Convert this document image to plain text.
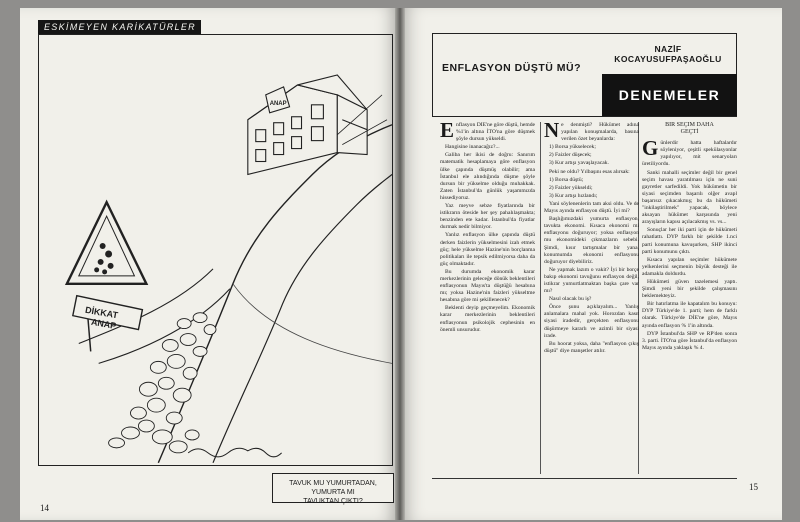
ESKİMEYEN KARİKATÜRLER
DİKKAT
ANAP
ANAP
TAVUK MU YUMURTADAN,
YUMURTA MI
TAVUKTAN ÇIKTI?
14
ENFLASYON DÜŞTÜ MÜ?
NAZİF KOCAYUSUFPAŞAOĞLU
DENEMELER

Enflasyon DİE'ne göre düştü, hemde %1'in altına İTO'na göre düşmek şöyle dursun yükseldi.

Hangisine inanacağız?...

Galiba her ikisi de doğru: Sanırım matematik hesaplamaya göre enflasyon ülke çapında düşmüş olabilir; ama İstanbul ele alındığında düşme şöyle dursun bir yükselme olduğu muhakkak. Zaten İstanbul'da günlük yaşammızda hissediyoruz.

Yaz meyve sebze fiyatlarında bir istikrarın öteside her şey pahalılaşmakta; benzinden ete kadar. İstanbul'da fiyatlar durmak nedir bilmiyor.

Yanlız enflasyon ülke çapında düştü derken faizlerin yükselmesini izah etmek güç; hele yükselme Hazine'nin borçlanma politikaları ile tepsik edilmiyorsa daha da güç olmaktadır.

Bu durumda ekonomik karar merkezlerinin geleceğe dönük beklentileri enflasyonun Mayıs'ta düştüğü hesabına mı; yoksa Hazine'nin faizleri yükseltme hesabına göre mi şekillenecek?

Beklenti deyip geçmeyelim. Ekonomik karar merkezlerinin beklentileri enflasyonun psikolojik cephesinin en önemli unsurudur.

Ne denmişti? Hükümet adına yapılan konuşmalarda, basına verilen özet beyanlarda:

1) Borsa yükselecek;

2) Faizler düşecek;

3) Kur artışı yavaşlayacak.

Peki ne oldu? Yılbaşını esas alırsak:

1) Borsa düştü;

2) Faizler yükseldi;

3) Kur artışı hızlandı;

Yani söylenenlerin tam aksi oldu. Ve de Mayıs ayında enflasyon düştü. İyi mi?

Başlığımızdaki yumurta enflasyon, tavukta ekonomi. Kısaca ekonomi mi enflasyonu doğuruyor; yoksa enflasyon mu ekonomideki çıkmazların sebebi. Şimdi, kısır tartışmalar bir yana, konumumda ekonomi enflasyonu doğuruyor diyebiliriz.

Ne yapmak lazım o vakit? İyi bir borçe bakıp ekonomi tavuğunu enflasyon değil, istikrar yumurtlatmaktan başka çare var mı?

Nasıl olacak bu iş?

Önce şunu açıklayalım... Yanlış anlamalara mahal yok. Horozdan kasıt siyasi iradedir, gerçekten enflasyonu düşürmeye kararlı ve azimli bir siyasi irade.

Bu hoorat yoksa, daha "enflasyon çıkış düştü" diye manşetler atılır.

BİR SEÇİM DAHA
GEÇTİ

Günlerdir hatta haftalardır söyleniyor, çeşitli spekülasyonlar yapılıyor, mit senaryoları üretiliyordu.

Sanki mahalli seçimler değil bir genel seçim havası yaratılması için ne suni gayretler sarfedildi. Yok hükümetin bir siyasi seçimden başarılı olğer avapl başarısız çıkacakmış; bu da hükümeti "inkilaştirilmek" yapacak, böylece aksayan hükümet karşısında yeni arayışların kapısı açılacakmış vs. vs...

Sonuçlar her iki parti için de hükümeti rahatlattı. DYP farklı bir şekilde 1.nci parti konumuna kavuşurken, SHP ikinci parti konumunu çıktı.

Kısaca yapılan seçimler hükümete yelkenlerini seçmenin büyük desteği ile adamakla doldurdu.

Hükümeti güven tazelemesi yaptı. Şimdi yeni bir şekilde çalışmasını beklemekteyiz.

Bir hatırlatma ile kapatalım bu konuyu: DYP Türkiye'de 1. parti; hem de farklı olarak. Türkiye'de DİE'ne göre, Mayıs ayında enflasyon % 1'in altında.

DYP İstanbul'da SHP ve RP'den sonra 3. parti. İTO'na göre İstanbul'da enflasyon Mayıs ayında yaklaşık % 4.

15
